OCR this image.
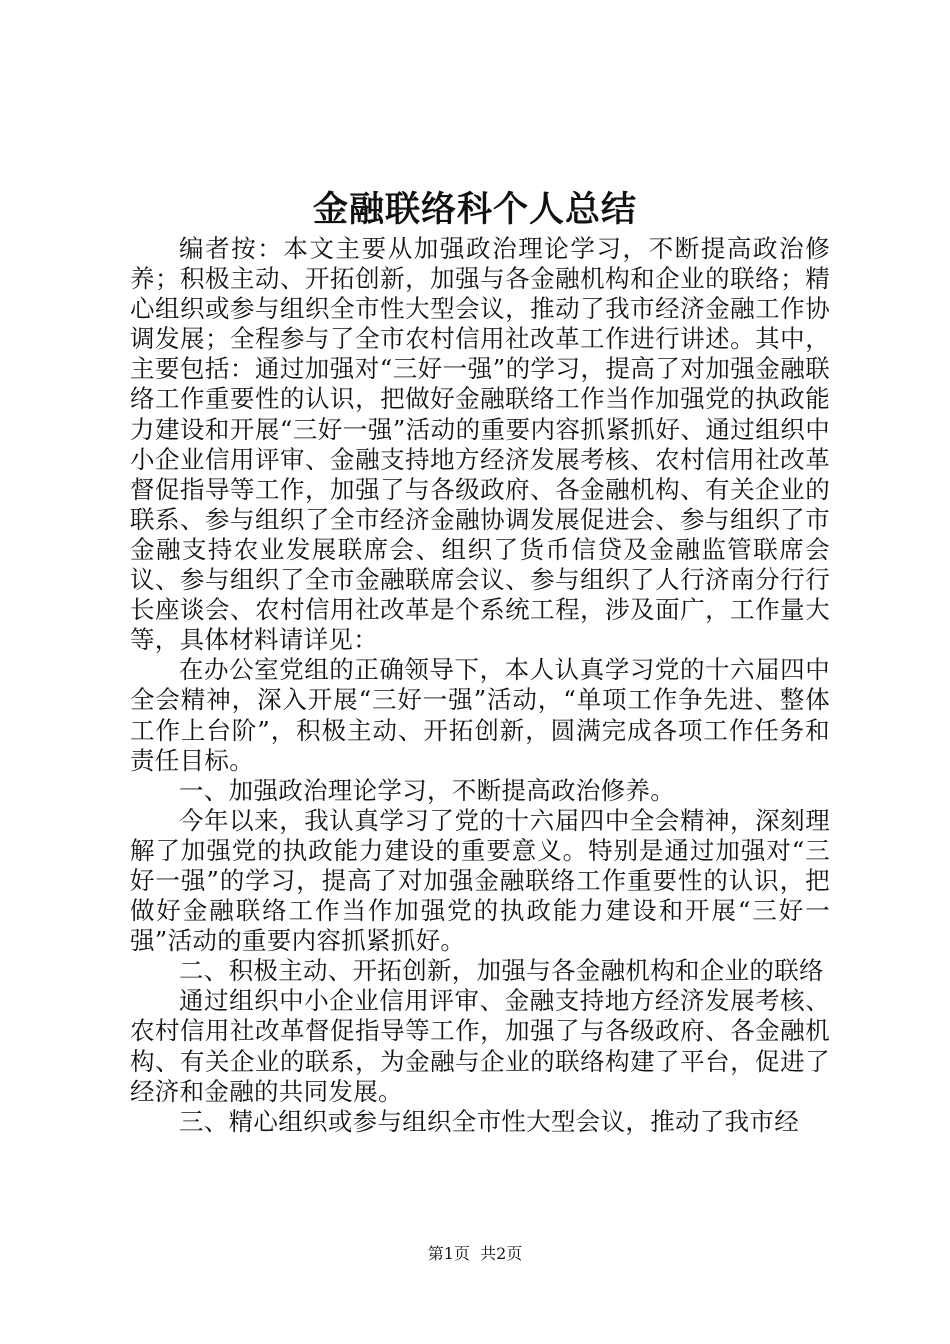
金融联络科个人总结

编者按：本文主要从加强政治理论学习，不断提高政治修养；积极主动、开拓创新，加强与各金融机构和企业的联络；精心组织或参与组织全市性大型会议，推动了我市经济金融工作协调发展；全程参与了全市农村信用社改革工作进行讲述。其中，主要包括：通过加强对“三好一强”的学习，提高了对加强金融联络工作重要性的认识，把做好金融联络工作当作加强党的执政能力建设和开展“三好一强”活动的重要内容抓紧抓好、通过组织中小企业信用评审、金融支持地方经济发展考核、农村信用社改革督促指导等工作，加强了与各级政府、各金融机构、有关企业的联系、参与组织了全市经济金融协调发展促进会、参与组织了市金融支持农业发展联席会、组织了货币信贷及金融监管联席会议、参与组织了全市金融联席会议、参与组织了人行济南分行行长座谈会、农村信用社改革是个系统工程，涉及面广，工作量大等，具体材料请详见：

在办公室党组的正确领导下，本人认真学习党的十六届四中全会精神，深入开展“三好一强”活动，“单项工作争先进、整体工作上台阶”，积极主动、开拓创新，圆满完成各项工作任务和责任目标。

一、加强政治理论学习，不断提高政治修养。

今年以来，我认真学习了党的十六届四中全会精神，深刻理解了加强党的执政能力建设的重要意义。特别是通过加强对“三好一强”的学习，提高了对加强金融联络工作重要性的认识，把做好金融联络工作当作加强党的执政能力建设和开展“三好一强”活动的重要内容抓紧抓好。

二、积极主动、开拓创新，加强与各金融机构和企业的联络

通过组织中小企业信用评审、金融支持地方经济发展考核、农村信用社改革督促指导等工作，加强了与各级政府、各金融机构、有关企业的联系，为金融与企业的联络构建了平台，促进了经济和金融的共同发展。

三、精心组织或参与组织全市性大型会议，推动了我市经

第1页  共2页
